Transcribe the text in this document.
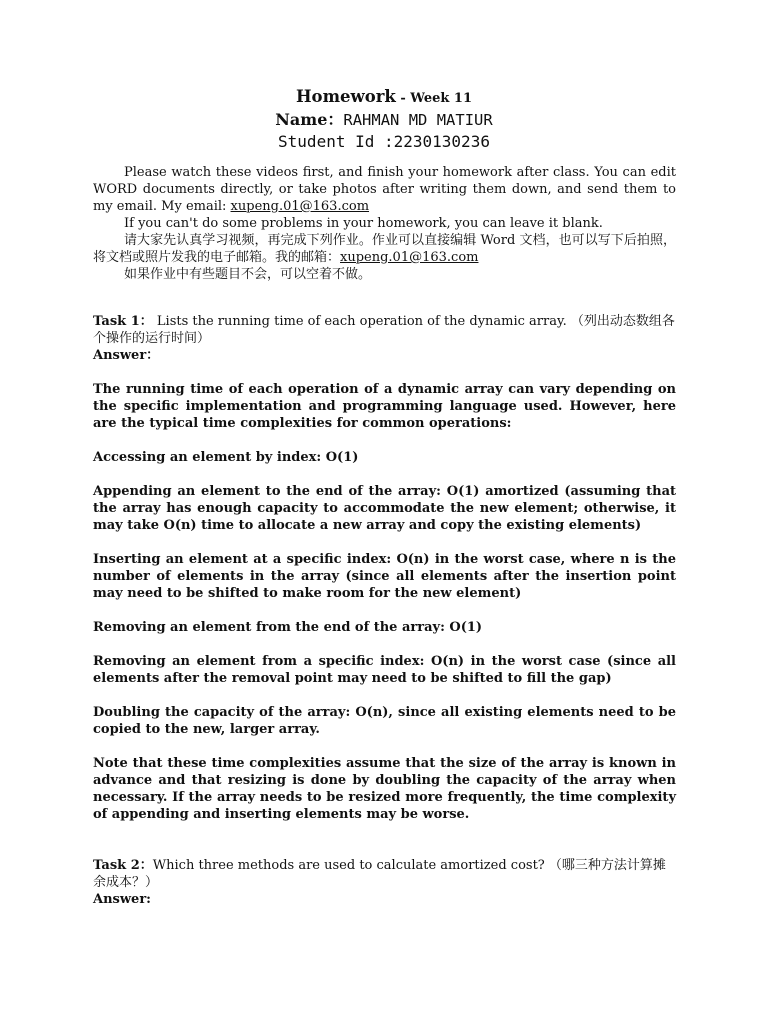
Homework - Week 11
Name：RAHMAN MD MATIUR
Student Id :2230130236

Please watch these videos first, and finish your homework after class. You can edit WORD documents directly, or take photos after writing them down, and send them to my email. My email: xupeng.01@163.com

If you can't do some problems in your homework, you can leave it blank.

请大家先认真学习视频，再完成下列作业。作业可以直接编辑 Word 文档，也可以写下后拍照，将文档或照片发我的电子邮箱。我的邮箱：xupeng.01@163.com

如果作业中有些题目不会，可以空着不做。

Task 1： Lists the running time of each operation of the dynamic array. （列出动态数组各个操作的运行时间）
Answer：

The running time of each operation of a dynamic array can vary depending on the specific implementation and programming language used. However, here are the typical time complexities for common operations:

Accessing an element by index: O(1)

Appending an element to the end of the array: O(1) amortized (assuming that the array has enough capacity to accommodate the new element; otherwise, it may take O(n) time to allocate a new array and copy the existing elements)

Inserting an element at a specific index: O(n) in the worst case, where n is the number of elements in the array (since all elements after the insertion point may need to be shifted to make room for the new element)

Removing an element from the end of the array: O(1)

Removing an element from a specific index: O(n) in the worst case (since all elements after the removal point may need to be shifted to fill the gap)

Doubling the capacity of the array: O(n), since all existing elements need to be copied to the new, larger array.

Note that these time complexities assume that the size of the array is known in advance and that resizing is done by doubling the capacity of the array when necessary. If the array needs to be resized more frequently, the time complexity of appending and inserting elements may be worse.

Task 2：Which three methods are used to calculate amortized cost? （哪三种方法计算摊余成本？）
Answer:
